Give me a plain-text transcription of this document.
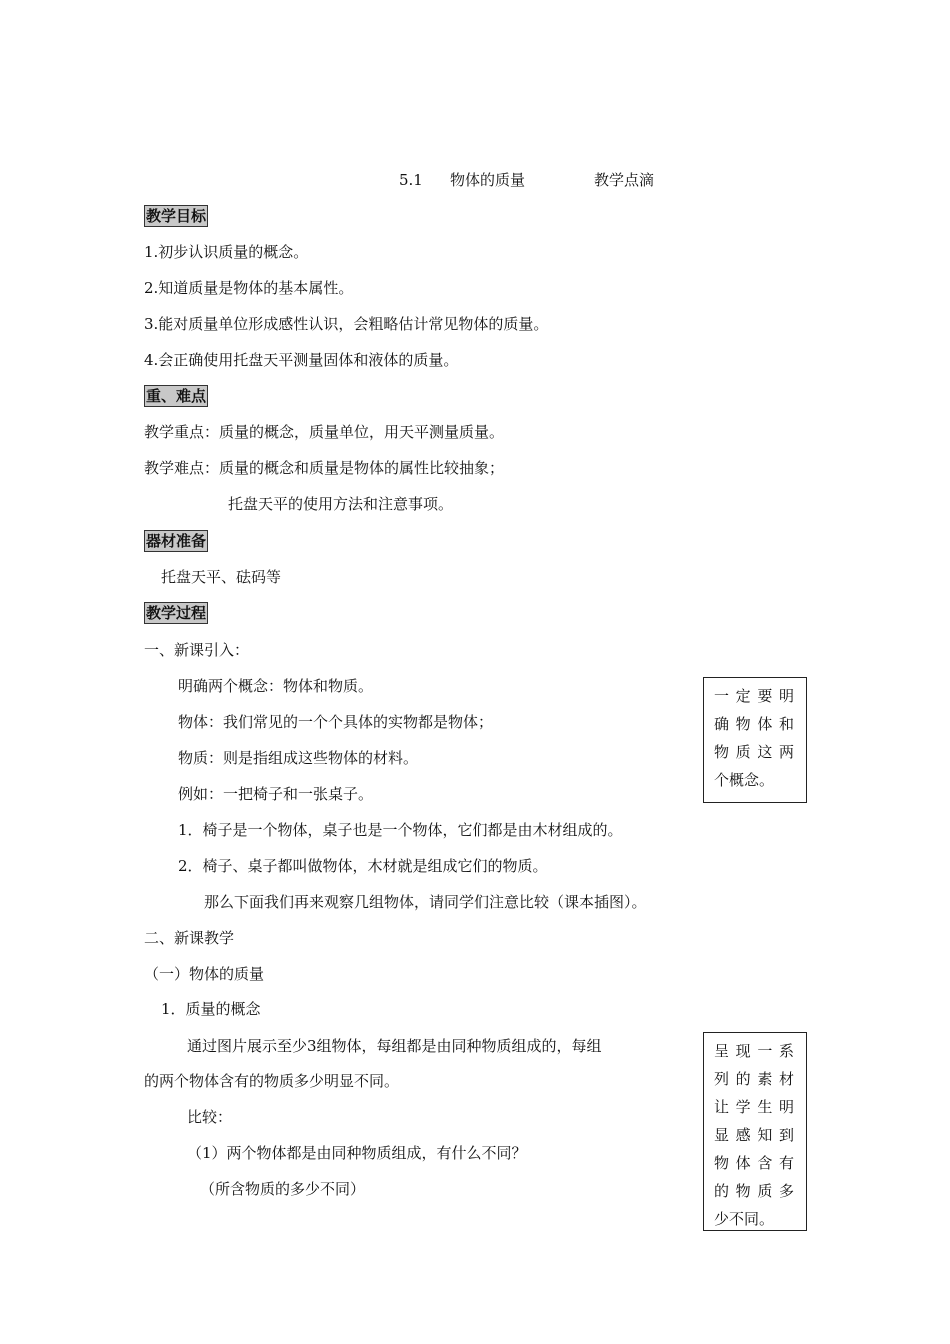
5.1 物体的质量	教学点滴
教学目标
1.初步认识质量的概念。
2.知道质量是物体的基本属性。
3.能对质量单位形成感性认识，会粗略估计常见物体的质量。
4.会正确使用托盘天平测量固体和液体的质量。
重、难点
教学重点：质量的概念，质量单位，用天平测量质量。
教学难点：质量的概念和质量是物体的属性比较抽象；
托盘天平的使用方法和注意事项。
器材准备
托盘天平、砝码等
教学过程
一、新课引入：
明确两个概念：物体和物质。
物体：我们常见的一个个具体的实物都是物体；
物质：则是指组成这些物体的材料。
例如：一把椅子和一张桌子。
1．椅子是一个物体，桌子也是一个物体，它们都是由木材组成的。
2．椅子、桌子都叫做物体，木材就是组成它们的物质。
那么下面我们再来观察几组物体，请同学们注意比较（课本插图）。
一定要明
确物体和
物质这两
个概念。
二、新课教学
（一）物体的质量
1．质量的概念
通过图片展示至少3组物体，每组都是由同种物质组成的，每组
的两个物体含有的物质多少明显不同。
比较：
（1）两个物体都是由同种物质组成，有什么不同？
（所含物质的多少不同）
呈现一系
列的素材
让学生明
显感知到
物体含有
的物质多
少不同。
